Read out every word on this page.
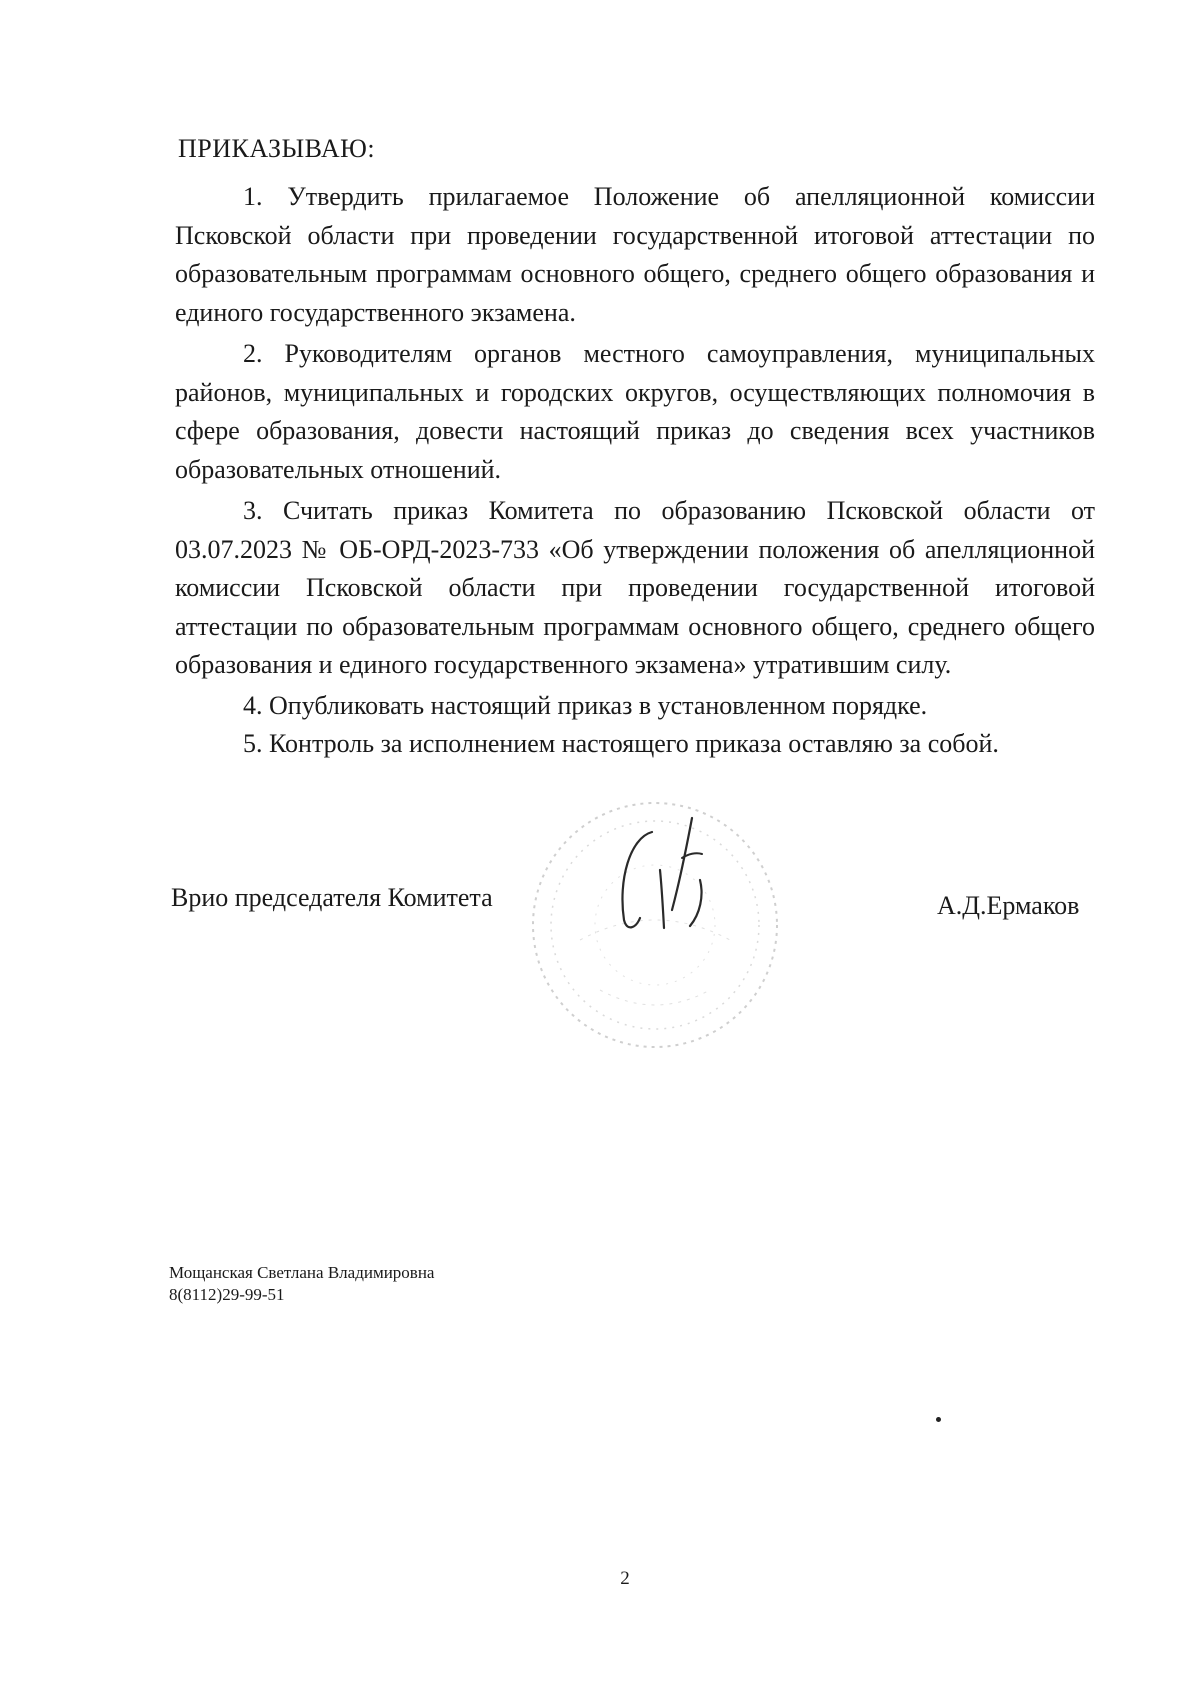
ПРИКАЗЫВАЮ:

1. Утвердить прилагаемое Положение об апелляционной комиссии Псковской области при проведении государственной итоговой аттестации по образовательным программам основного общего, среднего общего образования и единого государственного экзамена.

2. Руководителям органов местного самоуправления, муниципальных районов, муниципальных и городских округов, осуществляющих полномочия в сфере образования, довести настоящий приказ до сведения всех участников образовательных отношений.

3. Считать приказ Комитета по образованию Псковской области от 03.07.2023 № ОБ-ОРД-2023-733 «Об утверждении положения об апелляционной комиссии Псковской области при проведении государственной итоговой аттестации по образовательным программам основного общего, среднего общего образования и единого государственного экзамена» утратившим силу.

4. Опубликовать настоящий приказ в установленном порядке.

5. Контроль за исполнением настоящего приказа оставляю за собой.

Врио председателя Комитета	А.Д.Ермаков
Мощанская Светлана Владимировна
8(8112)29-99-51
2
